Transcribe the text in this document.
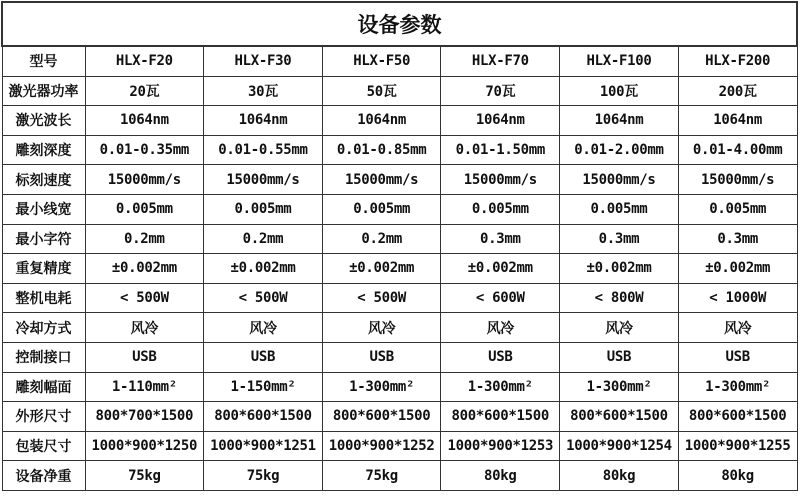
设备参数						
型号	HLX-F20	HLX-F30	HLX-F50	HLX-F70	HLX-F100	HLX-F200
激光器功率	20瓦	30瓦	50瓦	70瓦	100瓦	200瓦
激光波长	1064nm	1064nm	1064nm	1064nm	1064nm	1064nm
雕刻深度	0.01-0.35mm	0.01-0.55mm	0.01-0.85mm	0.01-1.50mm	0.01-2.00mm	0.01-4.00mm
标刻速度	15000mm/s	15000mm/s	15000mm/s	15000mm/s	15000mm/s	15000mm/s
最小线宽	0.005mm	0.005mm	0.005mm	0.005mm	0.005mm	0.005mm
最小字符	0.2mm	0.2mm	0.2mm	0.3mm	0.3mm	0.3mm
重复精度	±0.002mm	±0.002mm	±0.002mm	±0.002mm	±0.002mm	±0.002mm
整机电耗	< 500W	< 500W	< 500W	< 600W	< 800W	< 1000W
冷却方式	风冷	风冷	风冷	风冷	风冷	风冷
控制接口	USB	USB	USB	USB	USB	USB
雕刻幅面	1-110mm²	1-150mm²	1-300mm²	1-300mm²	1-300mm²	1-300mm²
外形尺寸	800*700*1500	800*600*1500	800*600*1500	800*600*1500	800*600*1500	800*600*1500
包装尺寸	1000*900*1250	1000*900*1251	1000*900*1252	1000*900*1253	1000*900*1254	1000*900*1255
设备净重	75kg	75kg	75kg	80kg	80kg	80kg
